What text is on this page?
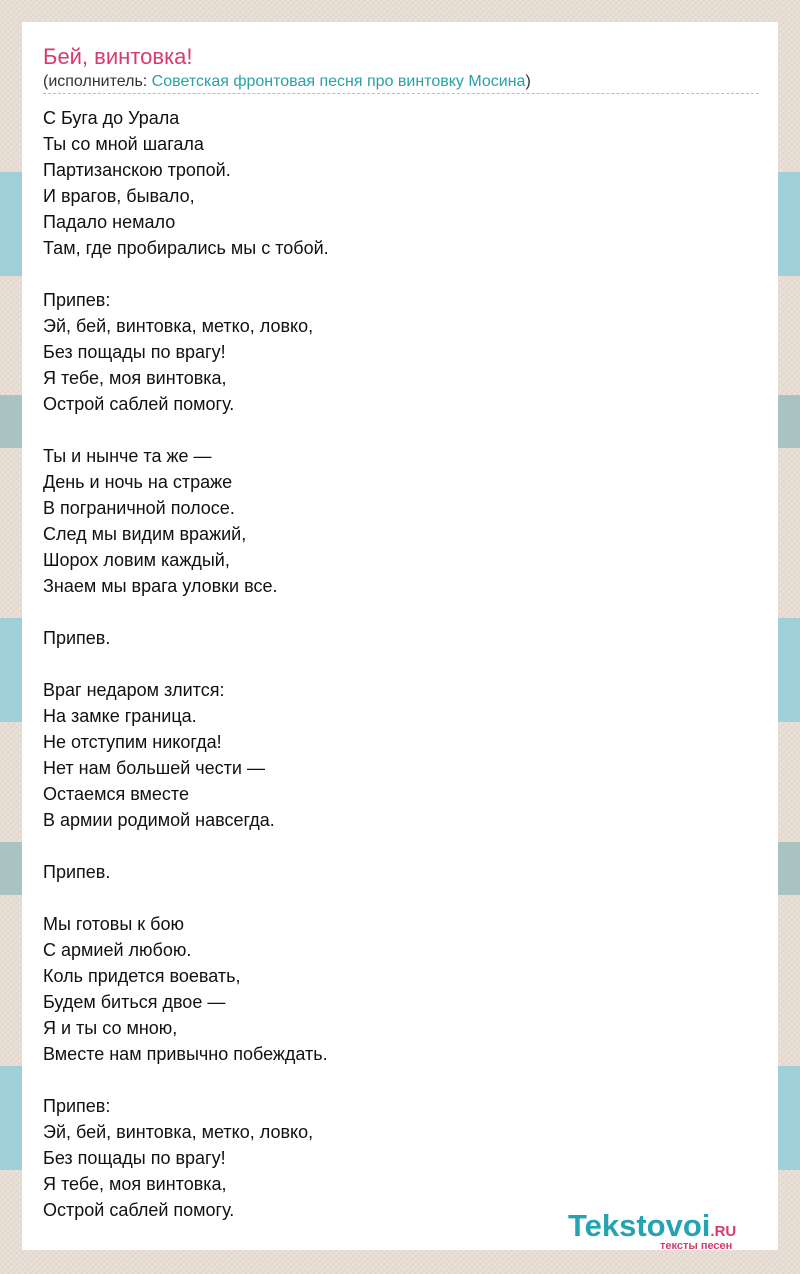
Бей, винтовка!
(исполнитель: Советская фронтовая песня про винтовку Мосина)
С Буга до Урала
Ты со мной шагала
Партизанскою тропой.
И врагов, бывало,
Падало немало
Там, где пробирались мы с тобой.

Припев:
Эй, бей, винтовка, метко, ловко,
Без пощады по врагу!
Я тебе, моя винтовка,
Острой саблей помогу.

Ты и нынче та же —
День и ночь на страже
В пограничной полосе.
След мы видим вражий,
Шорох ловим каждый,
Знаем мы врага уловки все.

Припев.

Враг недаром злится:
На замке граница.
Не отступим никогда!
Нет нам большей чести —
Остаемся вместе
В армии родимой навсегда.

Припев.

Мы готовы к бою
С армией любою.
Коль придется воевать,
Будем биться двое —
Я и ты со мною,
Вместе нам привычно побеждать.

Припев:
Эй, бей, винтовка, метко, ловко,
Без пощады по врагу!
Я тебе, моя винтовка,
Острой саблей помогу.	Tekstovoi.RU
тексты песен
